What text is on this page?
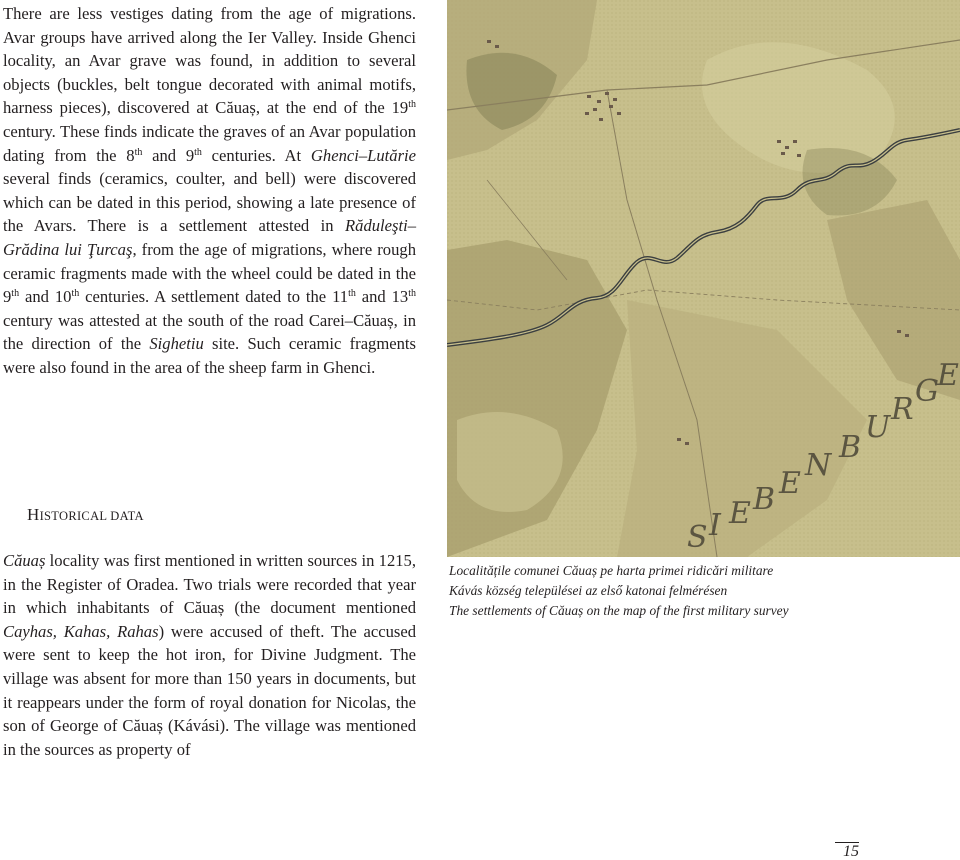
There are less vestiges dating from the age of migrations. Avar groups have arrived along the Ier Valley. Inside Ghenci locality, an Avar grave was found, in addition to several objects (buckles, belt tongue decorated with animal motifs, harness pieces), discovered at Căuaș, at the end of the 19th century. These finds indicate the graves of an Avar population dating from the 8th and 9th centuries. At Ghenci–Lutărie several finds (ceramics, coulter, and bell) were discovered which can be dated in this period, showing a late presence of the Avars. There is a settlement attested in Răduleşti– Grădina lui Ţurcaş, from the age of migrations, where rough ceramic fragments made with the wheel could be dated in the 9th and 10th centuries. A settlement dated to the 11th and 13th century was attested at the south of the road Carei–Căuaș, in the direction of the Sighetiu site. Such ceramic fragments were also found in the area of the sheep farm in Ghenci.

HISTORICAL DATA

Căuaș locality was first mentioned in written sources in 1215, in the Register of Oradea. Two trials were recorded that year in which inhabitants of Căuaș (the document mentioned Cayhas, Kahas, Rahas) were accused of theft. The accused were sent to keep the hot iron, for Divine Judgment. The village was absent for more than 150 years in documents, but it reappears under the form of royal donation for Nicolas, the son of George of Căuaș (Kávási). The village was mentioned in the sources as property of

S I E B E
N
B
U
R
G
E
Localitățile comunei Căuaș pe harta primei ridicări militare
Kávás község települései az első katonai felmérésen
The settlements of Căuaș on the map of the first military survey
15
